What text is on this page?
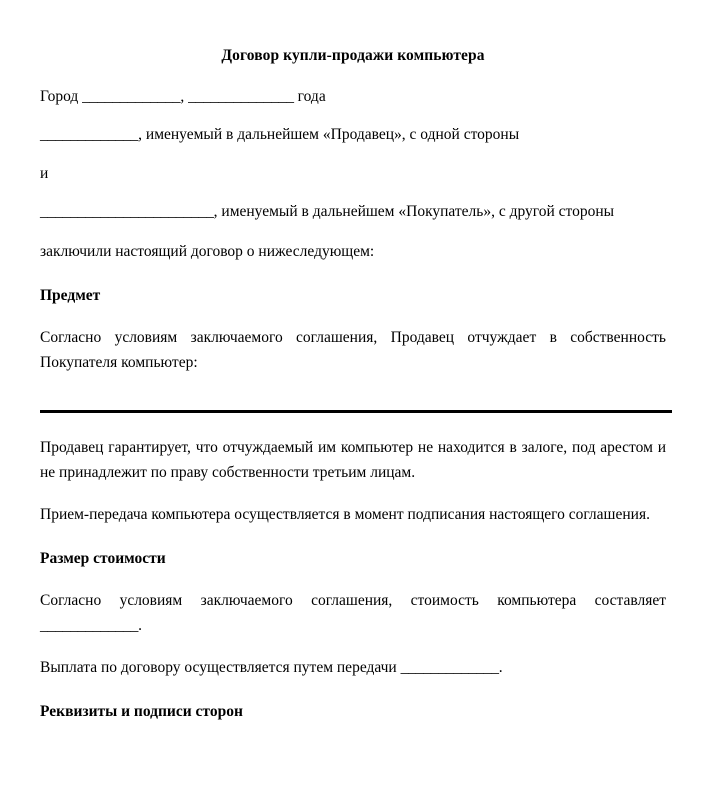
Договор купли-продажи компьютера

Город _____________, ______________ года

_____________, именуемый в дальнейшем «Продавец», с одной стороны

и

_______________________, именуемый в дальнейшем «Покупатель», с другой стороны

заключили настоящий договор о нижеследующем:

Предмет

Согласно условиям заключаемого соглашения, Продавец отчуждает в собственность Покупателя компьютер:

Продавец гарантирует, что отчуждаемый им компьютер не находится в залоге, под арестом и не принадлежит по праву собственности третьим лицам.

Прием-передача компьютера осуществляется в момент подписания настоящего соглашения.

Размер стоимости

Согласно условиям заключаемого соглашения, стоимость компьютера составляет _____________.

Выплата по договору осуществляется путем передачи _____________.

Реквизиты и подписи сторон
